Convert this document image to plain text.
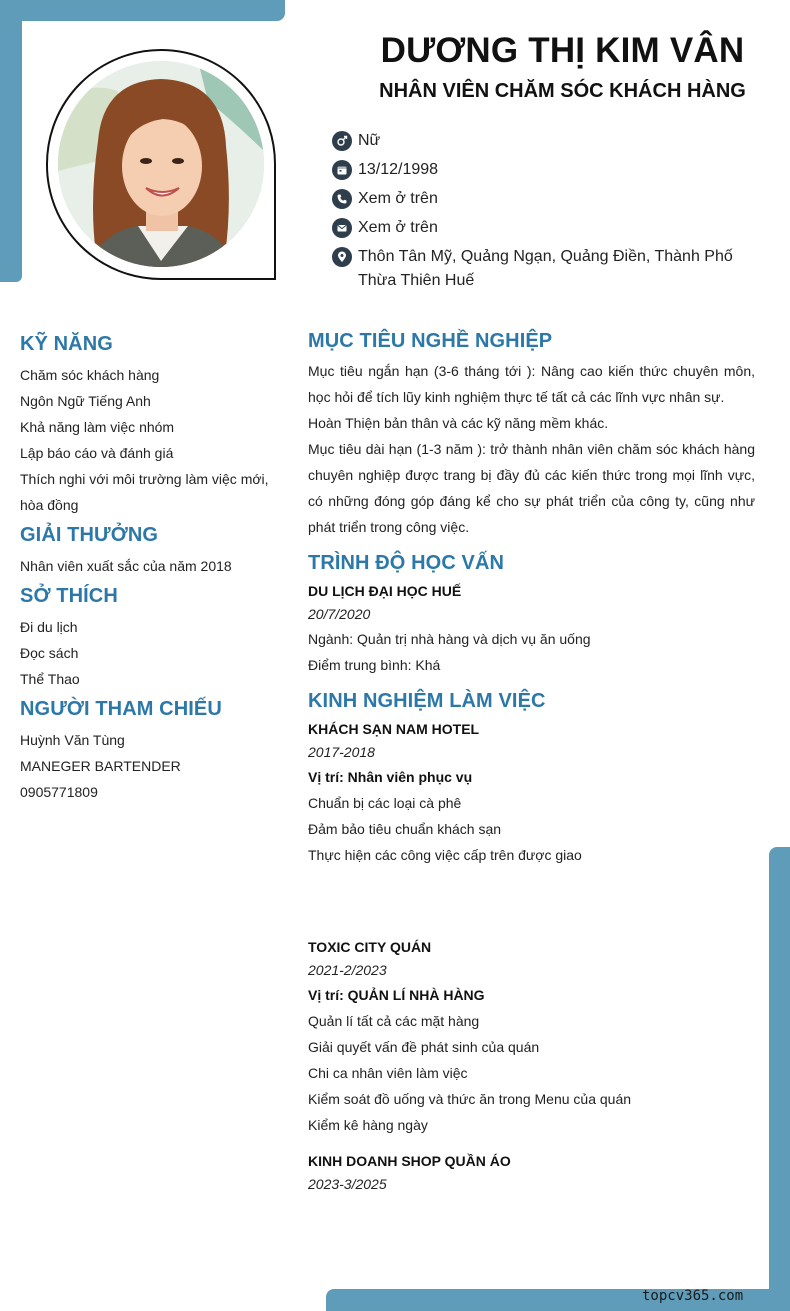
DƯƠNG THỊ KIM VÂN
NHÂN VIÊN CHĂM SÓC KHÁCH HÀNG
Nữ
13/12/1998
Xem ở trên
Xem ở trên
Thôn Tân Mỹ, Quảng Ngạn, Quảng Điền, Thành Phố Thừa Thiên Huế
KỸ NĂNG
Chăm sóc khách hàng
Ngôn Ngữ Tiếng Anh
Khả năng làm việc nhóm
Lập báo cáo và đánh giá
Thích nghi với môi trường làm việc mới, hòa đồng
GIẢI THƯỞNG
Nhân viên xuất sắc của năm 2018
SỞ THÍCH
Đi du lịch
Đọc sách
Thể Thao
NGƯỜI THAM CHIẾU
Huỳnh Văn Tùng
MANEGER BARTENDER
0905771809
MỤC TIÊU NGHỀ NGHIỆP
Mục tiêu ngắn hạn (3-6 tháng tới ): Nâng cao kiến thức chuyên môn, học hỏi để tích lũy kinh nghiệm thực tế tất cả các lĩnh vực nhân sự.
Hoàn Thiện bản thân và các kỹ năng mềm khác.
Mục tiêu dài hạn (1-3 năm ): trở thành nhân viên chăm sóc khách hàng chuyên nghiệp được trang bị đầy đủ các kiến thức trong mọi lĩnh vực, có những đóng góp đáng kể cho sự phát triển của công ty, cũng như phát triển trong công việc.
TRÌNH ĐỘ HỌC VẤN
DU LỊCH ĐẠI HỌC HUẾ
20/7/2020
Ngành: Quản trị nhà hàng và dịch vụ ăn uống
Điểm trung bình: Khá
KINH NGHIỆM LÀM VIỆC
KHÁCH SẠN NAM HOTEL
2017-2018
Vị trí: Nhân viên phục vụ
Chuẩn bị các loại cà phê
Đảm bảo tiêu chuẩn khách sạn
Thực hiện các công việc cấp trên được giao
TOXIC CITY QUÁN
2021-2/2023
Vị trí: QUẢN LÍ NHÀ HÀNG
Quản lí tất cả các mặt hàng
Giải quyết vấn đề phát sinh của quán
Chi ca nhân viên làm việc
Kiểm soát đồ uống và thức ăn trong Menu của quán
Kiểm kê hàng ngày
KINH DOANH SHOP QUẦN ÁO
2023-3/2025
topcv365.com
